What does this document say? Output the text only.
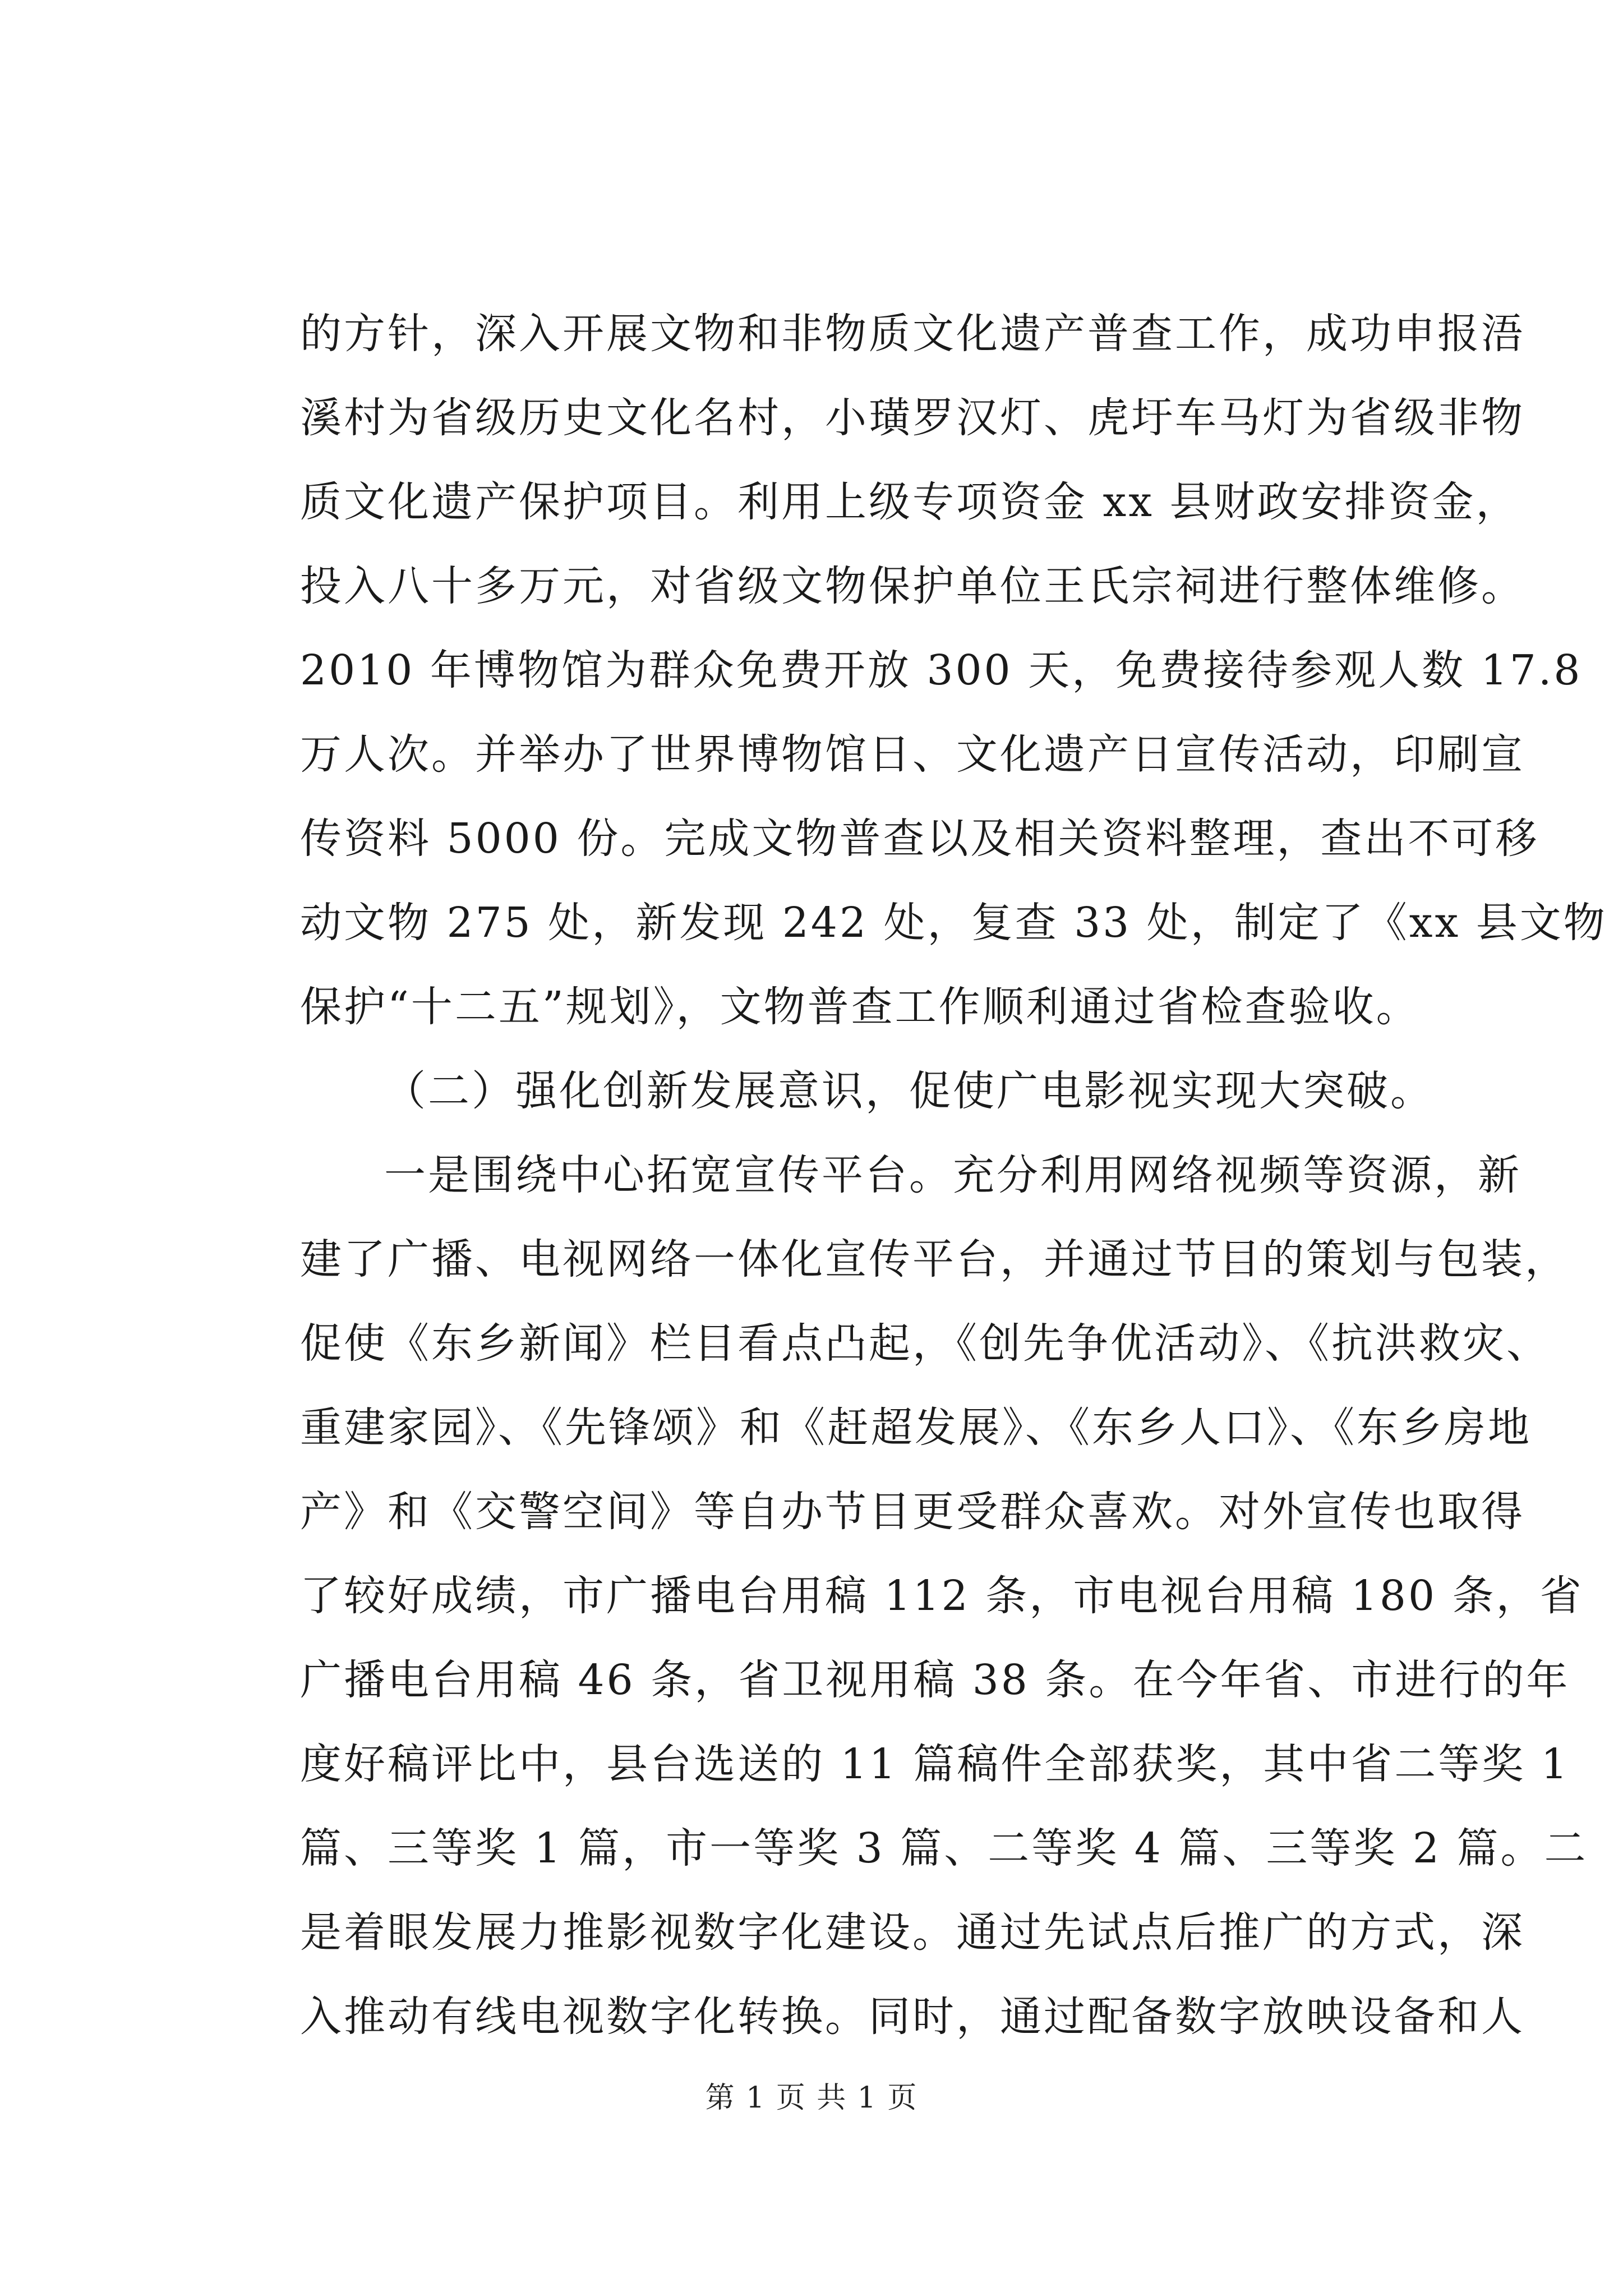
的方针，深入开展文物和非物质文化遗产普查工作，成功申报浯
溪村为省级历史文化名村，小璜罗汉灯、虎圩车马灯为省级非物
质文化遗产保护项目。利用上级专项资金 xx 县财政安排资金，
投入八十多万元，对省级文物保护单位王氏宗祠进行整体维修。
2010 年博物馆为群众免费开放 300 天，免费接待参观人数 17.8
万人次。并举办了世界博物馆日、文化遗产日宣传活动，印刷宣
传资料 5000 份。完成文物普查以及相关资料整理，查出不可移
动文物 275 处，新发现 242 处，复查 33 处，制定了《xx 县文物
保护“十二五”规划》，文物普查工作顺利通过省检查验收。
（二）强化创新发展意识，促使广电影视实现大突破。
一是围绕中心拓宽宣传平台。充分利用网络视频等资源，新
建了广播、电视网络一体化宣传平台，并通过节目的策划与包装，
促使《东乡新闻》栏目看点凸起，《创先争优活动》、《抗洪救灾、
重建家园》、《先锋颂》和《赶超发展》、《东乡人口》、《东乡房地
产》和《交警空间》等自办节目更受群众喜欢。对外宣传也取得
了较好成绩，市广播电台用稿 112 条，市电视台用稿 180 条，省
广播电台用稿 46 条，省卫视用稿 38 条。在今年省、市进行的年
度好稿评比中，县台选送的 11 篇稿件全部获奖，其中省二等奖 1
篇、三等奖 1 篇，市一等奖 3 篇、二等奖 4 篇、三等奖 2 篇。二
是着眼发展力推影视数字化建设。通过先试点后推广的方式，深
入推动有线电视数字化转换。同时，通过配备数字放映设备和人
第 1 页 共 1 页
